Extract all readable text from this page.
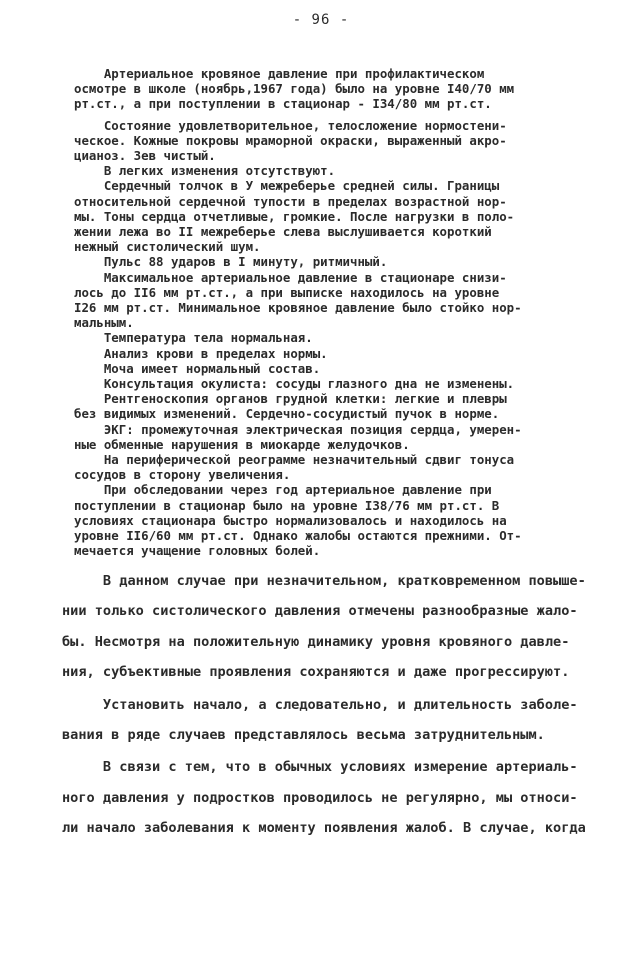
- 96 -
Артериальное кровяное давление при профилактическом
осмотре в школе (ноябрь,1967 года) было на уровне I40/70 мм
рт.ст., а при поступлении в стационар - I34/80 мм рт.ст.
Состояние удовлетворительное, телосложение нормостени-
ческое. Кожные покровы мраморной окраски, выраженный акро-
цианоз. Зев чистый.
В легких изменения отсутствуют.
Сердечный толчок в У межреберье средней силы. Границы
относительной сердечной тупости в пределах возрастной нор-
мы. Тоны сердца отчетливые, громкие. После нагрузки в поло-
жении лежа во II межреберье слева выслушивается короткий
нежный систолический шум.
Пульс 88 ударов в I минуту, ритмичный.
Максимальное артериальное давление в стационаре снизи-
лось до II6 мм рт.ст., а при выписке находилось на уровне
I26 мм рт.ст. Минимальное кровяное давление было стойко нор-
мальным.
Температура тела нормальная.
Анализ крови в пределах нормы.
Моча имеет нормальный состав.
Консультация окулиста: сосуды глазного дна не изменены.
Рентгеноскопия органов грудной клетки: легкие и плевры
без видимых изменений. Сердечно-сосудистый пучок в норме.
ЭКГ: промежуточная электрическая позиция сердца, умерен-
ные обменные нарушения в миокарде желудочков.
На периферической реограмме незначительный сдвиг тонуса
сосудов в сторону увеличения.
При обследовании через год артериальное давление при
поступлении в стационар было на уровне I38/76 мм рт.ст. В
условиях стационара быстро нормализовалось и находилось на
уровне II6/60 мм рт.ст. Однако жалобы остаются прежними. От-
мечается учащение головных болей.
В данном случае при незначительном, кратковременном повыше-
нии только систолического давления отмечены разнообразные жало-
бы. Несмотря на положительную динамику уровня кровяного давле-
ния, субъективные проявления сохраняются и даже прогрессируют.
Установить начало, а следовательно, и длительность заболе-
вания в ряде случаев представлялось весьма затруднительным.
В связи с тем, что в обычных условиях измерение артериаль-
ного давления у подростков проводилось не регулярно, мы относи-
ли начало заболевания к моменту появления жалоб. В случае, когда
